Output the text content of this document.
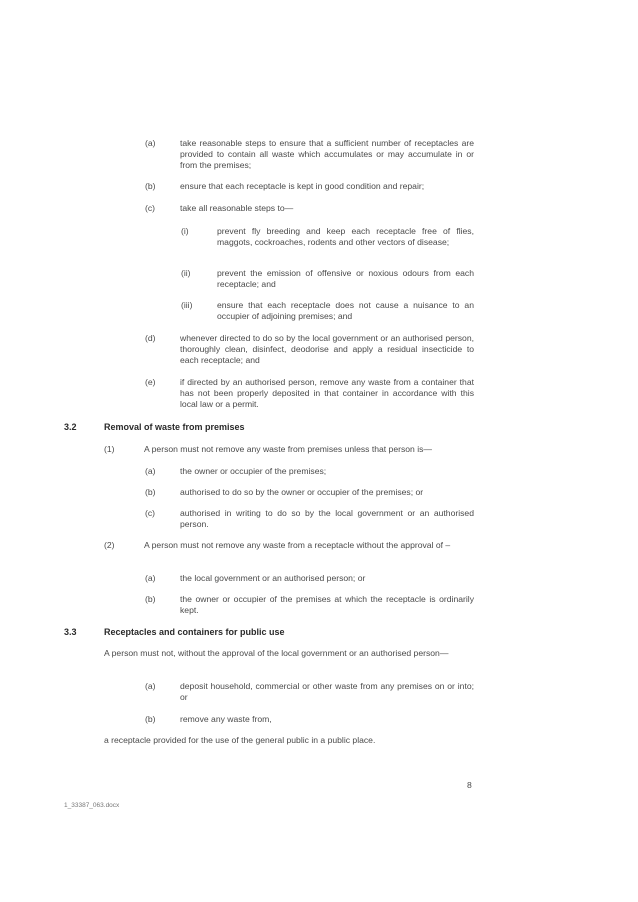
(a)	take reasonable steps to ensure that a sufficient number of receptacles are provided to contain all waste which accumulates or may accumulate in or from the premises;
(b)	ensure that each receptacle is kept in good condition and repair;
(c)	take all reasonable steps to—
(i)	prevent fly breeding and keep each receptacle free of flies, maggots, cockroaches, rodents and other vectors of disease;
(ii)	prevent the emission of offensive or noxious odours from each receptacle; and
(iii)	ensure that each receptacle does not cause a nuisance to an occupier of adjoining premises; and
(d)	whenever directed to do so by the local government or an authorised person, thoroughly clean, disinfect, deodorise and apply a residual insecticide to each receptacle; and
(e)	if directed by an authorised person, remove any waste from a container that has not been properly deposited in that container in accordance with this local law or a permit.
3.2	Removal of waste from premises
(1)	A person must not remove any waste from premises unless that person is—
(a)	the owner or occupier of the premises;
(b)	authorised to do so by the owner or occupier of the premises; or
(c)	authorised in writing to do so by the local government or an authorised person.
(2)	A person must not remove any waste from a receptacle without the approval of –
(a)	the local government or an authorised person; or
(b)	the owner or occupier of the premises at which the receptacle is ordinarily kept.
3.3	Receptacles and containers for public use
A person must not, without the approval of the local government or an authorised person—
(a)	deposit household, commercial or other waste from any premises on or into; or
(b)	remove any waste from,
a receptacle provided for the use of the general public in a public place.
8
1_33387_063.docx
